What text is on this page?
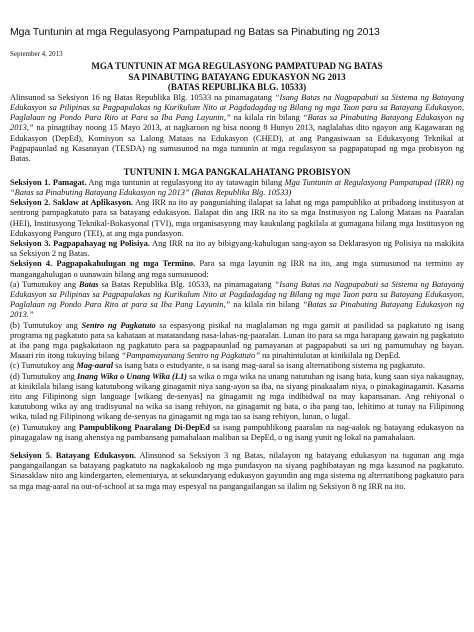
Mga Tuntunin at mga Regulasyong Pampatupad ng Batas sa Pinabuting ng 2013
September 4, 2013
MGA TUNTUNIN AT MGA REGULASYONG PAMPATUPAD NG BATAS
SA PINABUTING BATAYANG EDUKASYON NG 2013
(BATAS REPUBLIKA BLG. 10533)

Alinsunod sa Seksiyon 16 ng Batas Republika Blg. 10533 na pinamagatang “Isang Batas na Nagpapabuti sa Sistema ng Batayang Edukasyon sa Pilipinas sa Pagpapalakas ng Kurikulum Nito at Pagdadagdag ng Bilang ng mga Taon para sa Batayang Edukasyon, Paglalaan ng Pondo Para Rito at Para sa Iba Pang Layunin,” na kilala rin bilang “Batas sa Pinabuting Batayang Edukasyon ng 2013,” na pinagtibay noong 15 Mayo 2013, at nagkaroon ng bisa noong 8 Hunyo 2013, naglalabas dito ngayon ang Kagawaran ng Edukasyon (DepEd), Komisyon sa Lalong Mataas na Edukasyon (CHED), at ang Pangasiwaan sa Edukasyong Teknikal at Pagpapaunlad ng Kasanayan (TESDA) ng sumusunod na mga tuntunin at mga regulasyon sa pagpapatupad ng mga probisyon ng Batas.

TUNTUNIN I. MGA PANGKALAHATANG PROBISYON

Seksiyon 1. Pamagat. Ang mga tuntunin at regulasyong ito ay tatawagin bilang Mga Tuntunin at Regulasyong Pampatupad (IRR) ng “Batas sa Pinabuting Batayang Edukasyon ng 2013” (Batas Republika Blg. 10533)

Seksiyon 2. Saklaw at Aplikasyon. Ang IRR na ito ay panguniahing ilalapat sa lahat ng mga pampubliko at pribadong institusyon at sentrong pampagkatuto para sa batayang edukasyon. Ilalapat din ang IRR na ito sa mga Institusyon ng Lalong Mataas na Paaralan (HEI), Institusyong Teknikal-Bokasyonal (TVI), mga organisasyong may kaukulang pagkilala at gumagana bilang mga Institusyon ng Edukasyong Panguro (TEI), at ang mga pundasyon.

Seksiyon 3. Pagpapahayag ng Polisiya. Ang IRR na ito ay bibigyang-kahulugan sang-ayon sa Deklarasyon ng Polisiya na makikita sa Seksiyon 2 ng Batas.

Seksiyon 4. Pagpapakahulugan ng mga Termino. Para sa mga layunin ng IRR na ito, ang mga sumusunod na termino ay mangangahulugan o uunawain bilang ang mga sumusunod:

(a) Tumutukoy ang Batas sa Batas Republika Blg. 10533, na pinamagatang “Isang Batas na Nagpapabuti sa Sistema ng Batayang Edukasyon sa Pilipinas sa Pagpapalakas ng Kurikulum Nito at Pagdadagdag ng Bilang ng mga Taon para sa Batayang Edukasyon, Paglalaan ng Pondo Para Rito at para sa Iba Pang Layunin,” na kilala rin bilang “Batas sa Pinabuting Batayang Edukasyon ng 2013.”

(b) Tumutukoy ang Sentro ng Pagkatuto sa espasyong pisikal na maglalaman ng mga gamit at pasilidad sa pagkatuto ng isang programa ng pagkatuto para sa kabataan at matatandang nasa-labas-ng-paaralan. Lunan ito para sa mga harapang gawain ng pagkatuto at iba pang mga pagkakataon ng pagkatuto para sa pagpapaunlad ng pamayanan at pagpapabuti sa uri ng pamumuhay ng bayan. Maaari rin itong tukuying bilang “Pampamayanang Sentro ng Pagkatuto” na pinahintulutan at kinikilala ng DepEd.

(c) Tumutukoy ang Mag-aaral sa isang bata o estudyante, o sa isang mag-aaral sa isang alternatibong sistema ng pagkatuto.

(d) Tumutukoy ang Inang Wika o Unang Wika (L1) sa wika o mga wika na unang natutuhan ng isang bata, kung saan siya nakaugnay, at kinikilala bilang isang katutubong wikang ginagamit niya sang-ayon sa iba, na siyang pinakaalam niya, o pinakaginagamit. Kasama rito ang Filipinong sign language [wikang de-senyas] na ginagamit ng mga indibidwal na may kapansanan. Ang rehiyonal o katutubong wika ay ang tradisyunal na wika sa isang rehiyon, na ginagamit ng bata, o iba pang tao, lehitimo at tunay na Filipinong wika, tulad ng Filipinong wikang de-senyas na ginagamit ng mga tao sa isang rehiyon, lunan, o lugal.

(e) Tumutukoy ang Pampublikong Paaralang Di-DepEd sa isang pampublikong paaralan na nag-aalok ng batayang edukasyon na pinagagalaw ng isang ahensiya ng pambansang pamahalaan maliban sa DepEd, o ng isang yunit ng lokal na pamahalaan.

Seksiyon 5. Batayang Edukasyon. Alinsunod sa Seksiyon 3 ng Batas, nilalayon ng batayang edukasyon na tugunan ang mga pangangailangan sa batayang pagkatuto na nagkakaloob ng mga pundasyon na siyang pagbibatayan ng mga kasunod na pagkatuto. Sinasaklaw nito ang kindergarten, elementarya, at sekundaryang edukasyon gayundin ang mga sistema ng alternatibong pagkatuto para sa mga mag-aaral na out-of-school at sa mga may espesyal na pangangailangan sa ilalim ng Seksiyon 8 ng IRR na ito.
